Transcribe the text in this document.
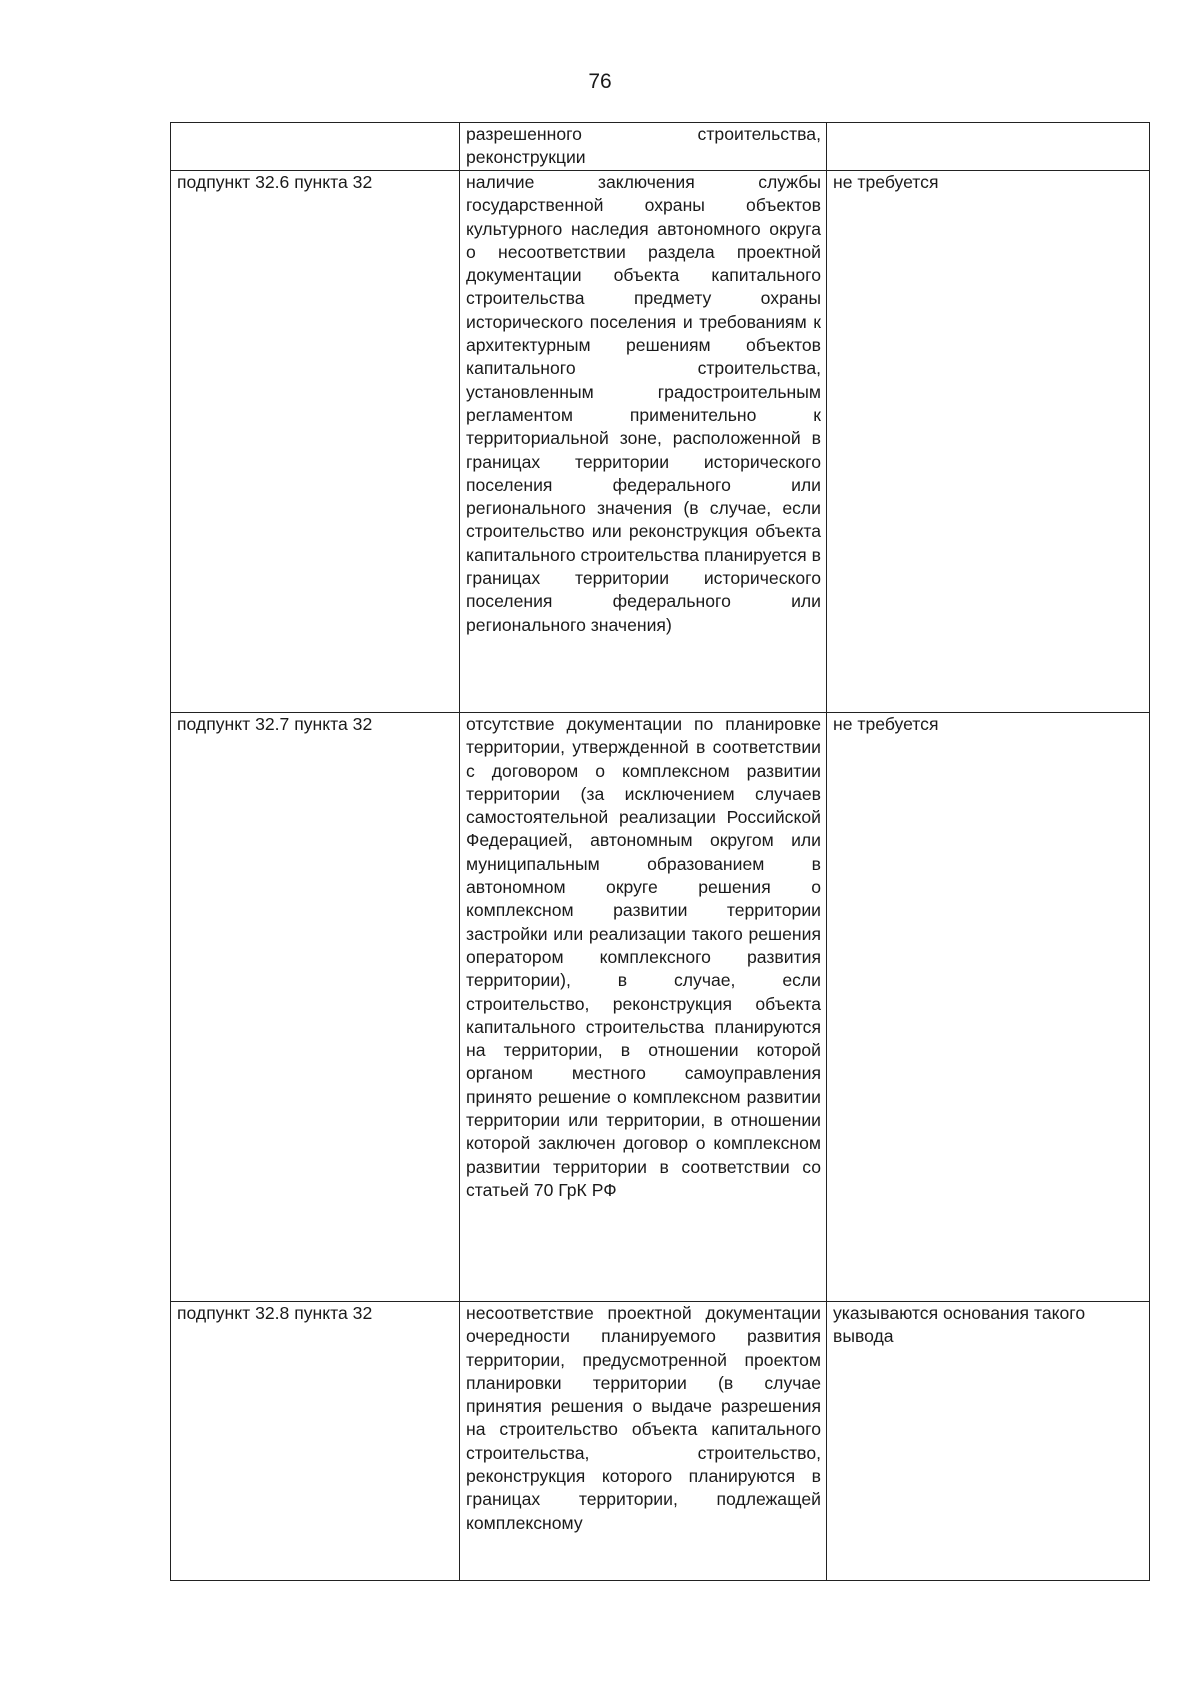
76

	разрешенного строительства, реконструкции	

подпункт 32.6 пункта 32	наличие заключения службы государственной охраны объектов культурного наследия автономного округа о несоответствии раздела проектной документации объекта капитального строительства предмету охраны исторического поселения и требованиям к архитектурным решениям объектов капитального строительства, установленным градостроительным регламентом применительно к территориальной зоне, расположенной в границах территории исторического поселения федерального или регионального значения (в случае, если строительство или реконструкция объекта капитального строительства планируется в границах территории исторического поселения федерального или регионального значения)	не требуется

подпункт 32.7 пункта 32	отсутствие документации по планировке территории, утвержденной в соответствии с договором о комплексном развитии территории (за исключением случаев самостоятельной реализации Российской Федерацией, автономным округом или муниципальным образованием в автономном округе решения о комплексном развитии территории застройки или реализации такого решения оператором комплексного развития территории), в случае, если строительство, реконструкция объекта капитального строительства планируются на территории, в отношении которой органом местного самоуправления принято решение о комплексном развитии территории или территории, в отношении которой заключен договор о комплексном развитии территории в соответствии со статьей 70 ГрК РФ	не требуется

подпункт 32.8 пункта 32	несоответствие проектной документации очередности планируемого развития территории, предусмотренной проектом планировки территории (в случае принятия решения о выдаче разрешения на строительство объекта капитального строительства, строительство, реконструкция которого планируются в границах территории, подлежащей комплексному	указываются основания такого вывода
